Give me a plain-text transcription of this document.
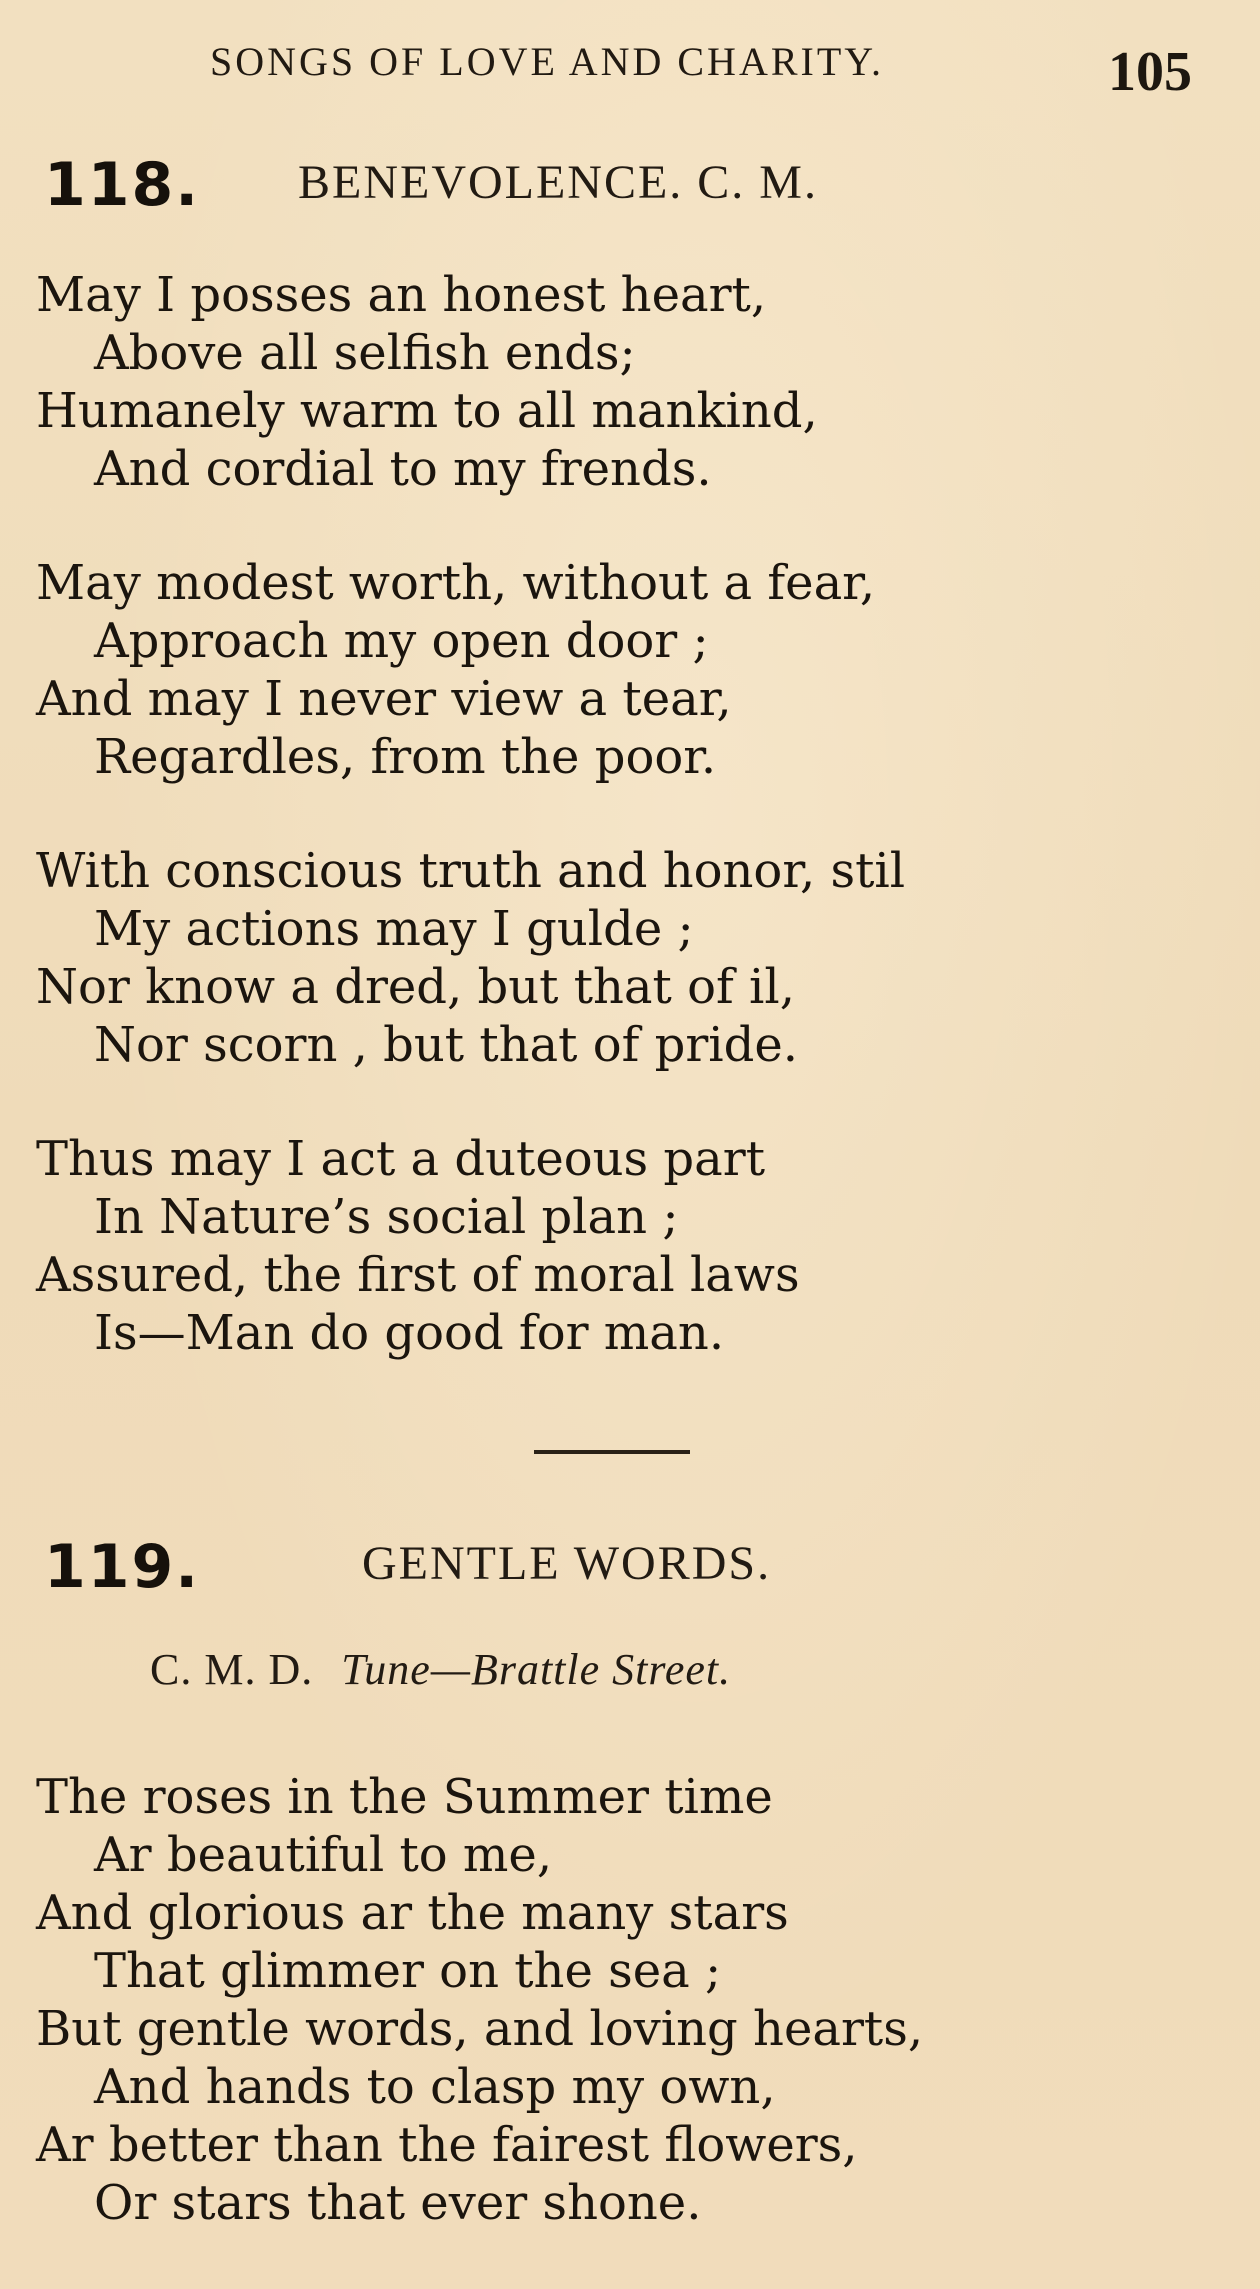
SONGS OF LOVE AND CHARITY.	105
118. BENEVOLENCE. C. M.
May I posses an honest heart,
Above all selfish ends;
Humanely warm to all mankind,
And cordial to my frends.
May modest worth, without a fear,
Approach my open door ;
And may I never view a tear,
Regardles, from the poor.
With conscious truth and honor, stil
My actions may I gulde ;
Nor know a dred, but that of il,
Nor scorn , but that of pride.
Thus may I act a duteous part
In Nature’s social plan ;
Assured, the first of moral laws
Is—Man do good for man.
119.	GENTLE WORDS.
C. M. D. Tune—Brattle Street.
The roses in the Summer time
Ar beautiful to me,
And glorious ar the many stars
That glimmer on the sea ;
But gentle words, and loving hearts,
And hands to clasp my own,
Ar better than the fairest flowers,
Or stars that ever shone.
